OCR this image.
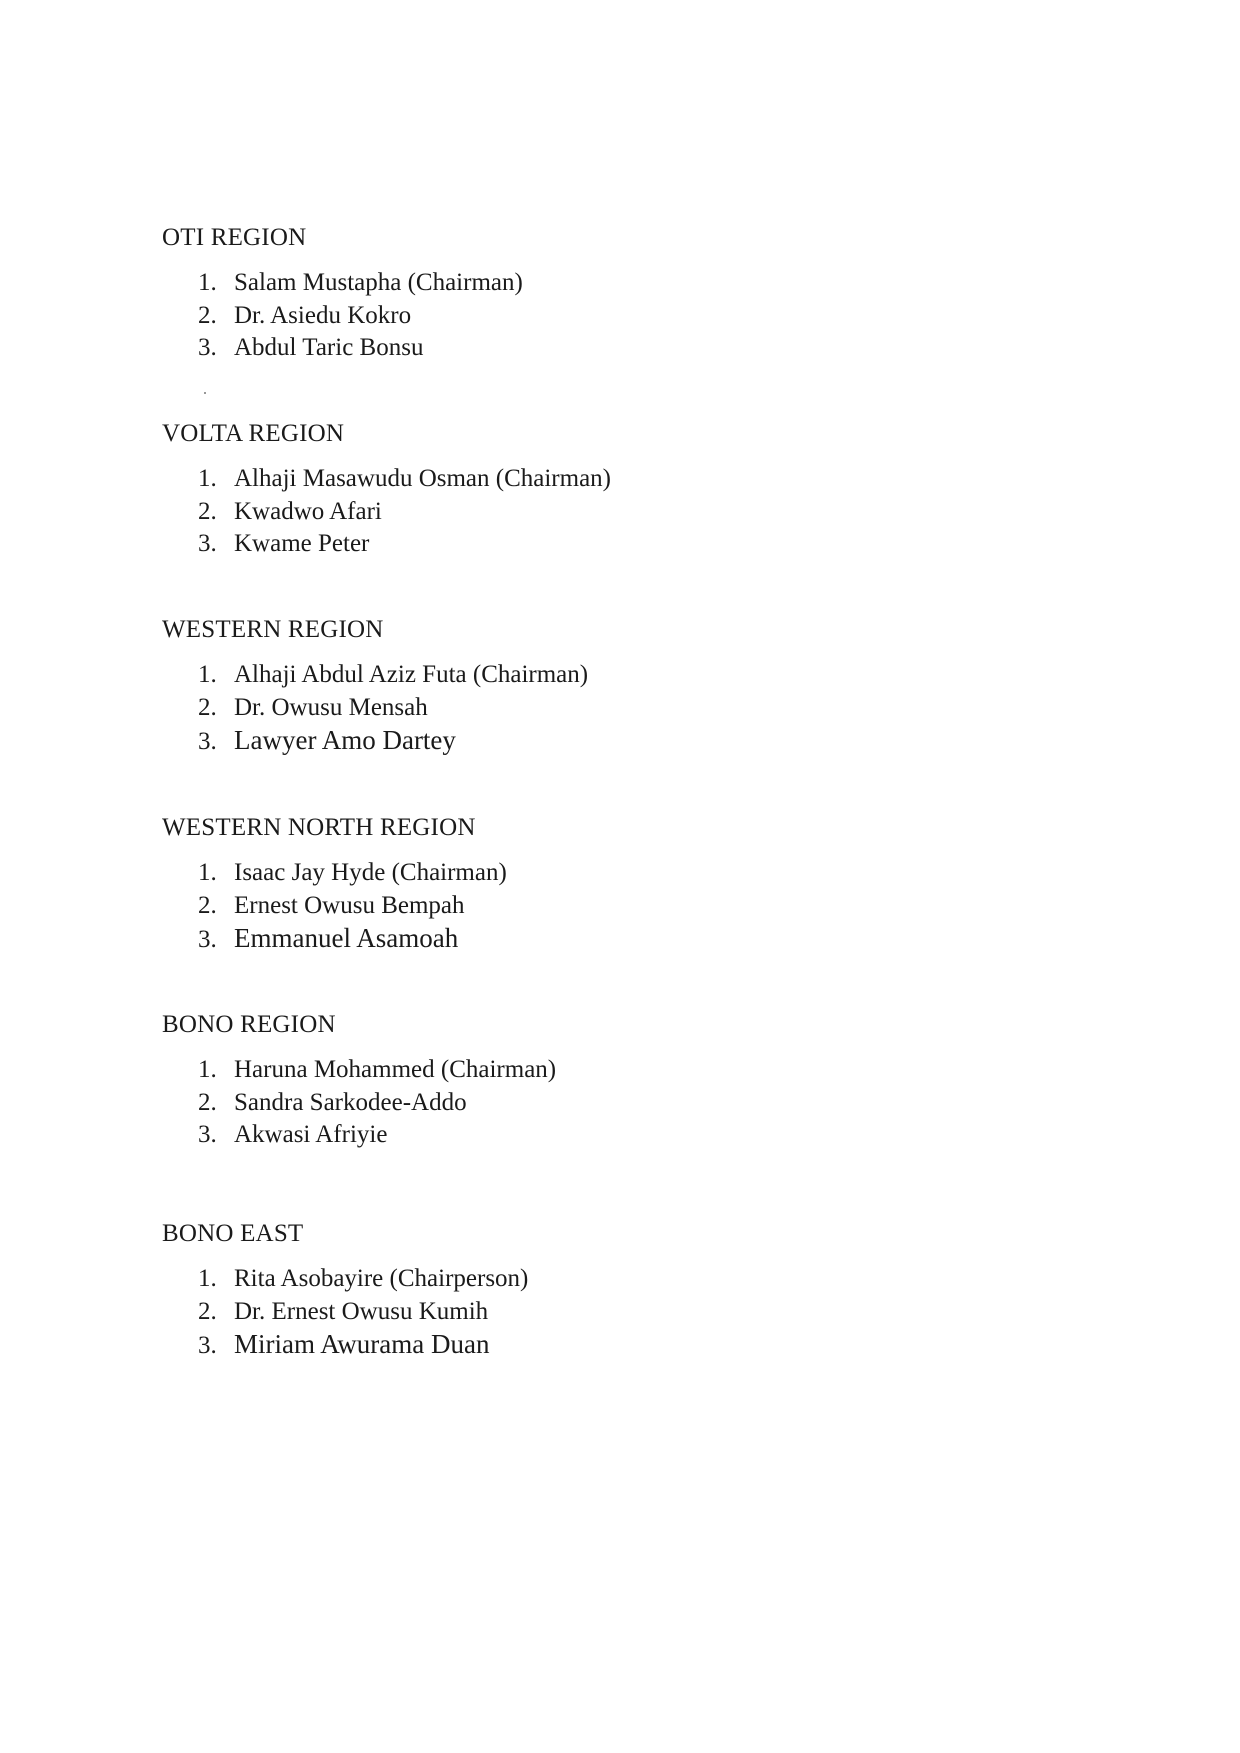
OTI REGION
1. Salam Mustapha (Chairman)
2. Dr. Asiedu Kokro
3. Abdul Taric Bonsu
VOLTA REGION
1. Alhaji Masawudu Osman (Chairman)
2. Kwadwo Afari
3. Kwame Peter
WESTERN REGION
1. Alhaji Abdul Aziz Futa (Chairman)
2. Dr. Owusu Mensah
3. Lawyer Amo Dartey
WESTERN NORTH REGION
1. Isaac Jay Hyde (Chairman)
2. Ernest Owusu Bempah
3. Emmanuel Asamoah
BONO REGION
1. Haruna Mohammed (Chairman)
2. Sandra Sarkodee-Addo
3. Akwasi Afriyie
BONO EAST
1. Rita Asobayire (Chairperson)
2. Dr. Ernest Owusu Kumih
3. Miriam Awurama Duan
